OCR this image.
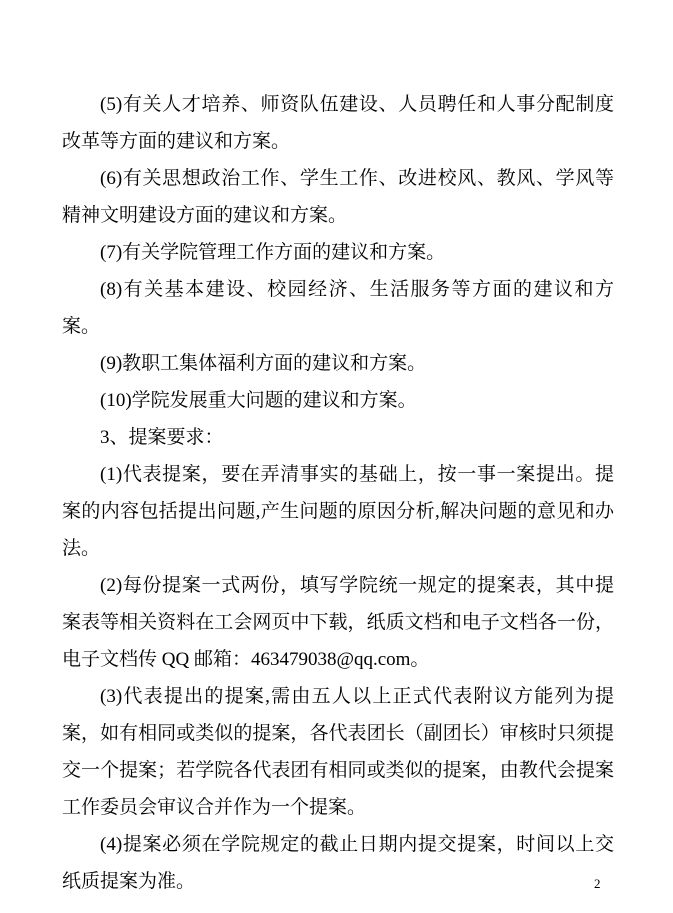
(5)有关人才培养、师资队伍建设、人员聘任和人事分配制度改革等方面的建议和方案。

(6)有关思想政治工作、学生工作、改进校风、教风、学风等精神文明建设方面的建议和方案。

(7)有关学院管理工作方面的建议和方案。

(8)有关基本建设、校园经济、生活服务等方面的建议和方案。

(9)教职工集体福利方面的建议和方案。

(10)学院发展重大问题的建议和方案。

3、提案要求：

(1)代表提案，要在弄清事实的基础上，按一事一案提出。提案的内容包括提出问题,产生问题的原因分析,解决问题的意见和办法。

(2)每份提案一式两份，填写学院统一规定的提案表，其中提案表等相关资料在工会网页中下载，纸质文档和电子文档各一份，电子文档传 QQ 邮箱：463479038@qq.com。

(3)代表提出的提案,需由五人以上正式代表附议方能列为提案，如有相同或类似的提案，各代表团长（副团长）审核时只须提交一个提案；若学院各代表团有相同或类似的提案，由教代会提案工作委员会审议合并作为一个提案。

(4)提案必须在学院规定的截止日期内提交提案，时间以上交纸质提案为准。	2
